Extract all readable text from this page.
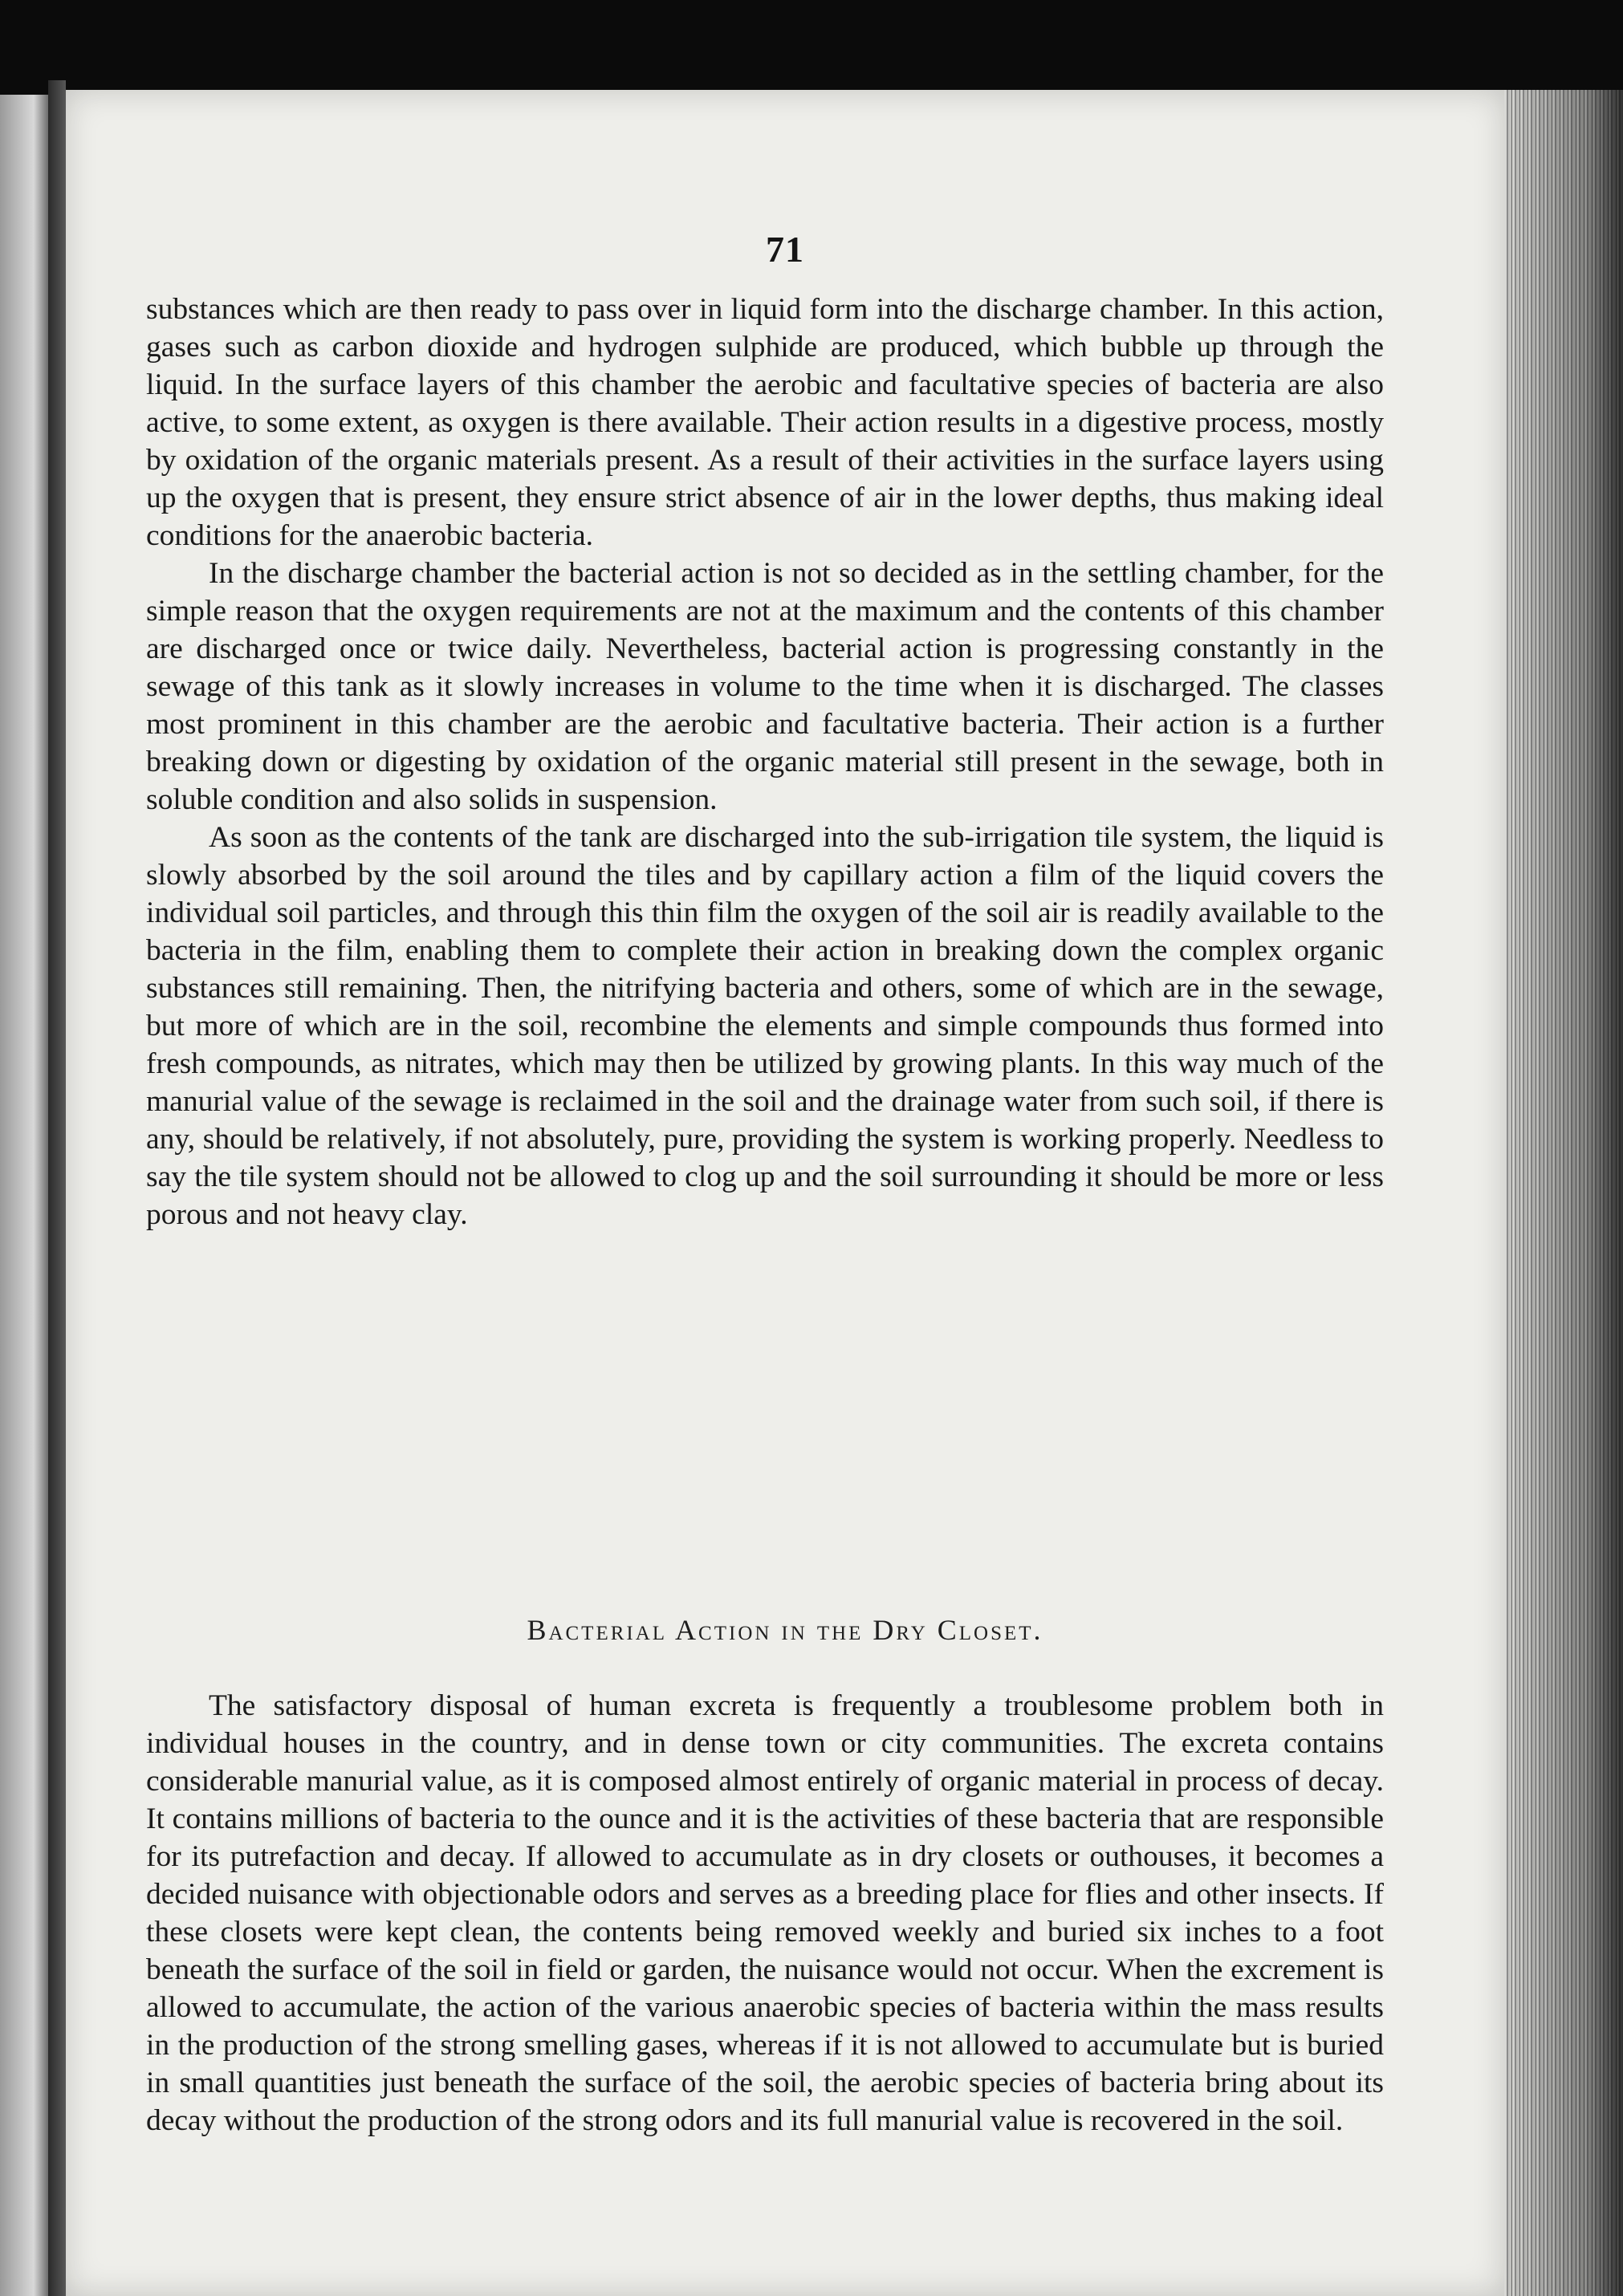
71

substances which are then ready to pass over in liquid form into the discharge chamber. In this action, gases such as carbon dioxide and hydrogen sulphide are produced, which bubble up through the liquid. In the surface layers of this chamber the aerobic and facultative species of bacteria are also active, to some extent, as oxygen is there available. Their action results in a digestive process, mostly by oxidation of the organic materials present. As a result of their activities in the surface layers using up the oxygen that is present, they ensure strict absence of air in the lower depths, thus making ideal conditions for the anaerobic bacteria.

In the discharge chamber the bacterial action is not so decided as in the settling chamber, for the simple reason that the oxygen requirements are not at the maximum and the contents of this chamber are discharged once or twice daily. Nevertheless, bacterial action is progressing constantly in the sewage of this tank as it slowly increases in volume to the time when it is discharged. The classes most prominent in this chamber are the aerobic and facultative bacteria. Their action is a further breaking down or digesting by oxidation of the organic material still present in the sewage, both in soluble condition and also solids in suspension.

As soon as the contents of the tank are discharged into the sub-irrigation tile system, the liquid is slowly absorbed by the soil around the tiles and by capillary action a film of the liquid covers the individual soil particles, and through this thin film the oxygen of the soil air is readily available to the bacteria in the film, enabling them to complete their action in breaking down the complex organic substances still remaining. Then, the nitrifying bacteria and others, some of which are in the sewage, but more of which are in the soil, recombine the elements and simple compounds thus formed into fresh compounds, as nitrates, which may then be utilized by growing plants. In this way much of the manurial value of the sewage is reclaimed in the soil and the drainage water from such soil, if there is any, should be relatively, if not absolutely, pure, providing the system is working properly. Needless to say the tile system should not be allowed to clog up and the soil surrounding it should be more or less porous and not heavy clay.

Bacterial Action in the Dry Closet.

The satisfactory disposal of human excreta is frequently a troublesome problem both in individual houses in the country, and in dense town or city communities. The excreta contains considerable manurial value, as it is composed almost entirely of organic material in process of decay. It contains millions of bacteria to the ounce and it is the activities of these bacteria that are responsible for its putrefaction and decay. If allowed to accumulate as in dry closets or outhouses, it becomes a decided nuisance with objectionable odors and serves as a breeding place for flies and other insects. If these closets were kept clean, the contents being removed weekly and buried six inches to a foot beneath the surface of the soil in field or garden, the nuisance would not occur. When the excrement is allowed to accumulate, the action of the various anaerobic species of bacteria within the mass results in the production of the strong smelling gases, whereas if it is not allowed to accumulate but is buried in small quantities just beneath the surface of the soil, the aerobic species of bacteria bring about its decay without the production of the strong odors and its full manurial value is recovered in the soil.
